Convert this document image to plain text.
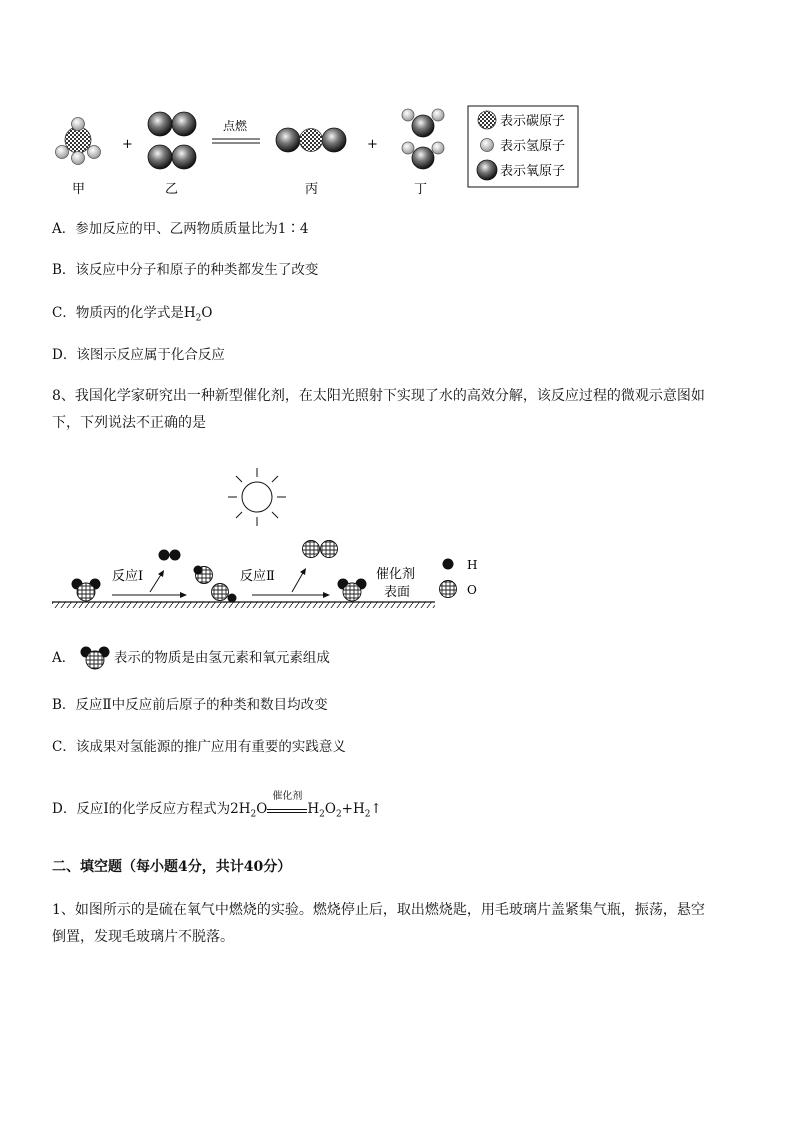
+
点燃
+
甲	乙	丙	丁
表示碳原子
表示氢原子
表示氧原子
A．参加反应的甲、乙两物质质量比为1∶4
B．该反应中分子和原子的种类都发生了改变
C．物质丙的化学式是$H_2O$
D．该图示反应属于化合反应
8、我国化学家研究出一种新型催化剂，在太阳光照射下实现了水的高效分解，该反应过程的微观示意图如
下，下列说法不正确的是
反应Ⅰ	反应Ⅱ	催化剂
表面
H
O
A．	表示的物质是由氢元素和氧元素组成
B．反应Ⅱ中反应前后原子的种类和数目均改变
C．该成果对氢能源的推广应用有重要的实践意义
D．反应Ⅰ的化学反应方程式为$2H_2O$
催化剂
$H_2O_2+H_2↑$
二、填空题（每小题4分，共计40分）
1、如图所示的是硫在氧气中燃烧的实验。燃烧停止后，取出燃烧匙，用毛玻璃片盖紧集气瓶，振荡，悬空
倒置，发现毛玻璃片不脱落。
